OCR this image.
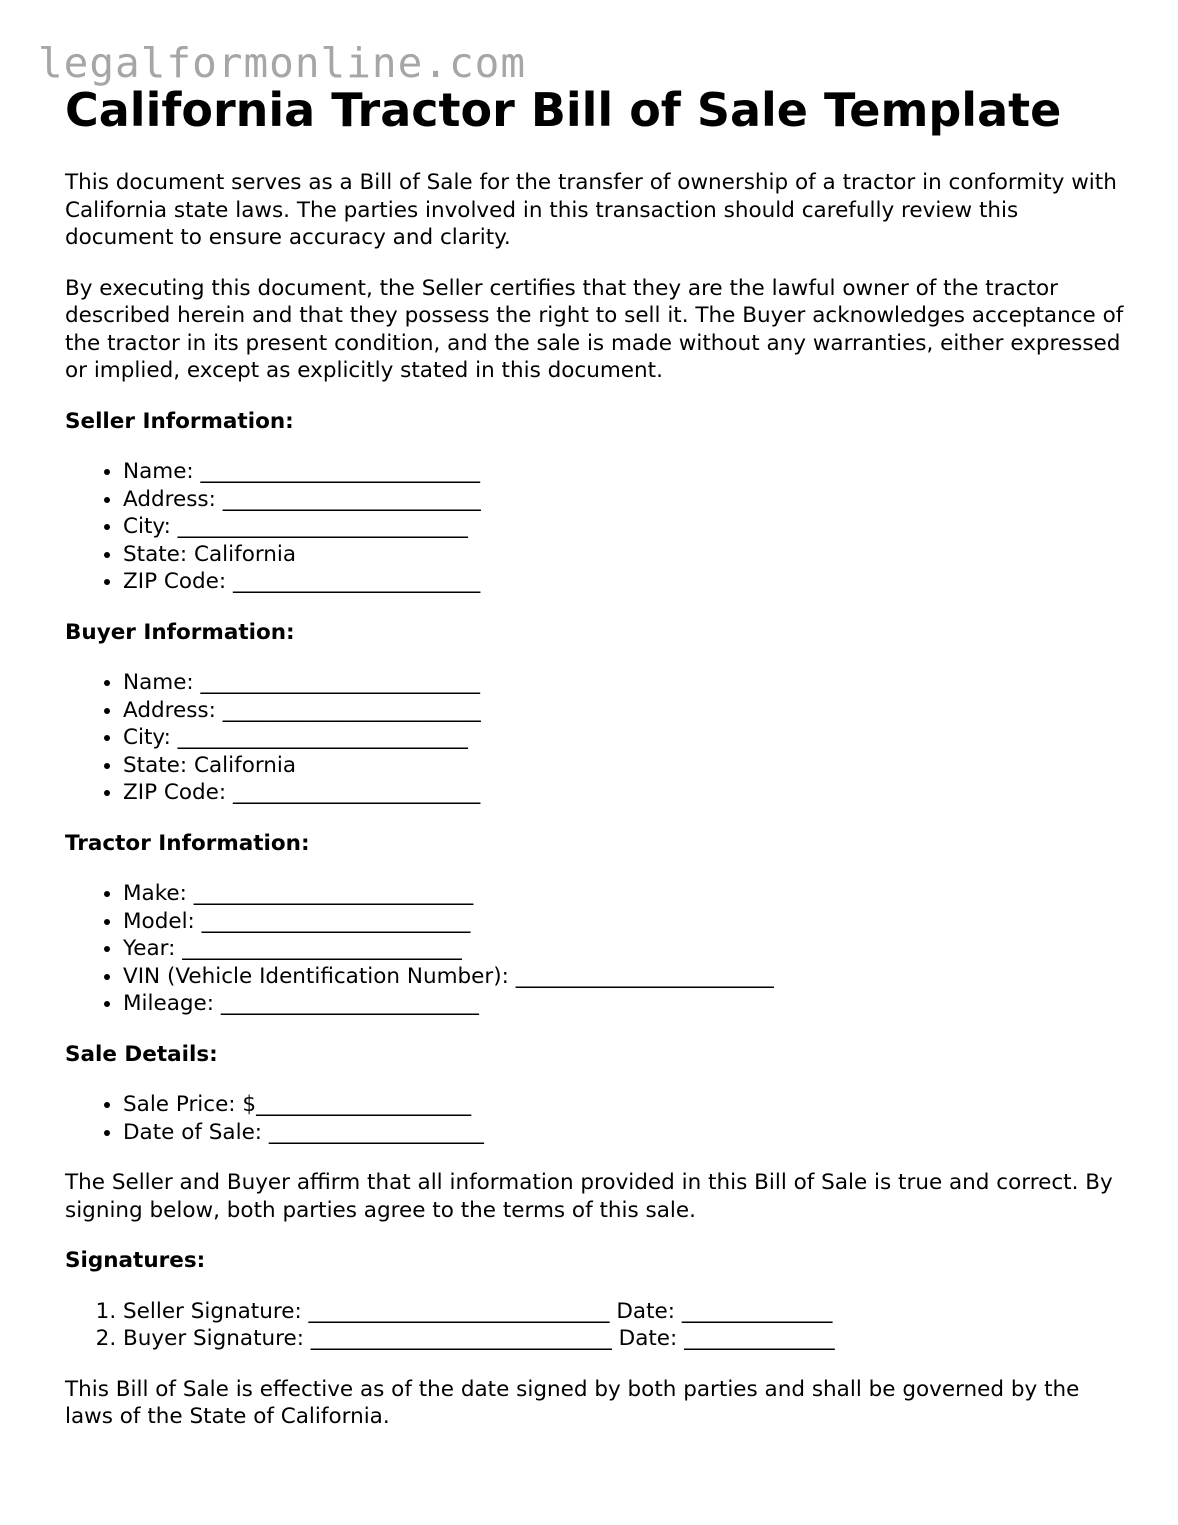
legalformonline.com
California Tractor Bill of Sale Template

This document serves as a Bill of Sale for the transfer of ownership of a tractor in conformity with California state laws. The parties involved in this transaction should carefully review this document to ensure accuracy and clarity.

By executing this document, the Seller certifies that they are the lawful owner of the tractor described herein and that they possess the right to sell it. The Buyer acknowledges acceptance of the tractor in its present condition, and the sale is made without any warranties, either expressed or implied, except as explicitly stated in this document.

Seller Information:
• Name: __________________________
• Address: ________________________
• City: ___________________________
• State: California
• ZIP Code: _______________________
Buyer Information:
• Name: __________________________
• Address: ________________________
• City: ___________________________
• State: California
• ZIP Code: _______________________
Tractor Information:
• Make: __________________________
• Model: _________________________
• Year: __________________________
• VIN (Vehicle Identification Number): ________________________
• Mileage: ________________________
Sale Details:
• Sale Price: $____________________
• Date of Sale: ____________________

The Seller and Buyer affirm that all information provided in this Bill of Sale is true and correct. By signing below, both parties agree to the terms of this sale.

Signatures:
1. Seller Signature: ____________________________ Date: ______________
2. Buyer Signature: ____________________________ Date: ______________

This Bill of Sale is effective as of the date signed by both parties and shall be governed by the laws of the State of California.
